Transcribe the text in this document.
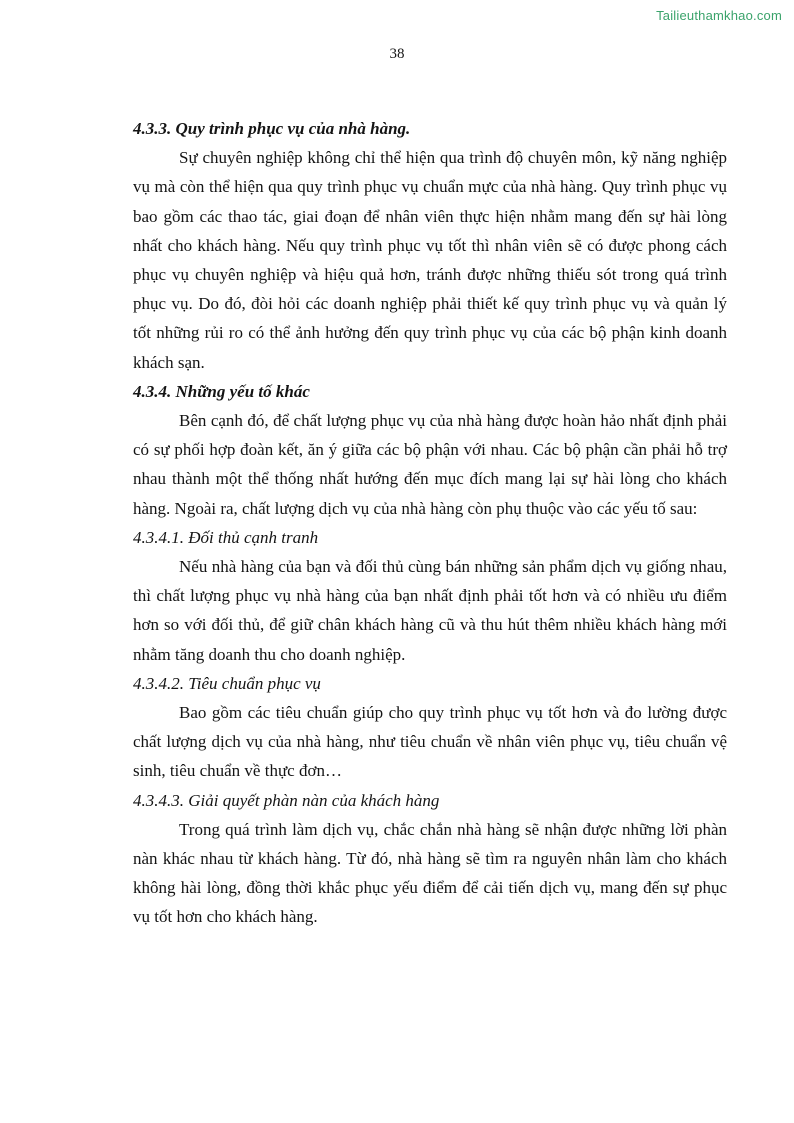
Tailieuthamkhao.com
38
4.3.3. Quy trình phục vụ của nhà hàng.
Sự chuyên nghiệp không chỉ thể hiện qua trình độ chuyên môn, kỹ năng nghiệp vụ mà còn thể hiện qua quy trình phục vụ chuẩn mực của nhà hàng. Quy trình phục vụ bao gồm các thao tác, giai đoạn để nhân viên thực hiện nhằm mang đến sự hài lòng nhất cho khách hàng. Nếu quy trình phục vụ tốt thì nhân viên sẽ có được phong cách phục vụ chuyên nghiệp và hiệu quả hơn, tránh được những thiếu sót trong quá trình phục vụ. Do đó, đòi hỏi các doanh nghiệp phải thiết kế quy trình phục vụ và quản lý tốt những rủi ro có thể ảnh hưởng đến quy trình phục vụ của các bộ phận kinh doanh khách sạn.
4.3.4. Những yếu tố khác
Bên cạnh đó, để chất lượng phục vụ của nhà hàng được hoàn hảo nhất định phải có sự phối hợp đoàn kết, ăn ý giữa các bộ phận với nhau. Các bộ phận cần phải hỗ trợ nhau thành một thể thống nhất hướng đến mục đích mang lại sự hài lòng cho khách hàng. Ngoài ra, chất lượng dịch vụ của nhà hàng còn phụ thuộc vào các yếu tố sau:
4.3.4.1. Đối thủ cạnh tranh
Nếu nhà hàng của bạn và đối thủ cùng bán những sản phẩm dịch vụ giống nhau, thì chất lượng phục vụ nhà hàng của bạn nhất định phải tốt hơn và có nhiều ưu điểm hơn so với đối thủ, để giữ chân khách hàng cũ và thu hút thêm nhiều khách hàng mới nhằm tăng doanh thu cho doanh nghiệp.
4.3.4.2. Tiêu chuẩn phục vụ
Bao gồm các tiêu chuẩn giúp cho quy trình phục vụ tốt hơn và đo lường được chất lượng dịch vụ của nhà hàng, như tiêu chuẩn về nhân viên phục vụ, tiêu chuẩn vệ sinh, tiêu chuẩn về thực đơn…
4.3.4.3. Giải quyết phàn nàn của khách hàng
Trong quá trình làm dịch vụ, chắc chắn nhà hàng sẽ nhận được những lời phàn nàn khác nhau từ khách hàng. Từ đó, nhà hàng sẽ tìm ra nguyên nhân làm cho khách không hài lòng, đồng thời khắc phục yếu điểm để cải tiến dịch vụ, mang đến sự phục vụ tốt hơn cho khách hàng.
